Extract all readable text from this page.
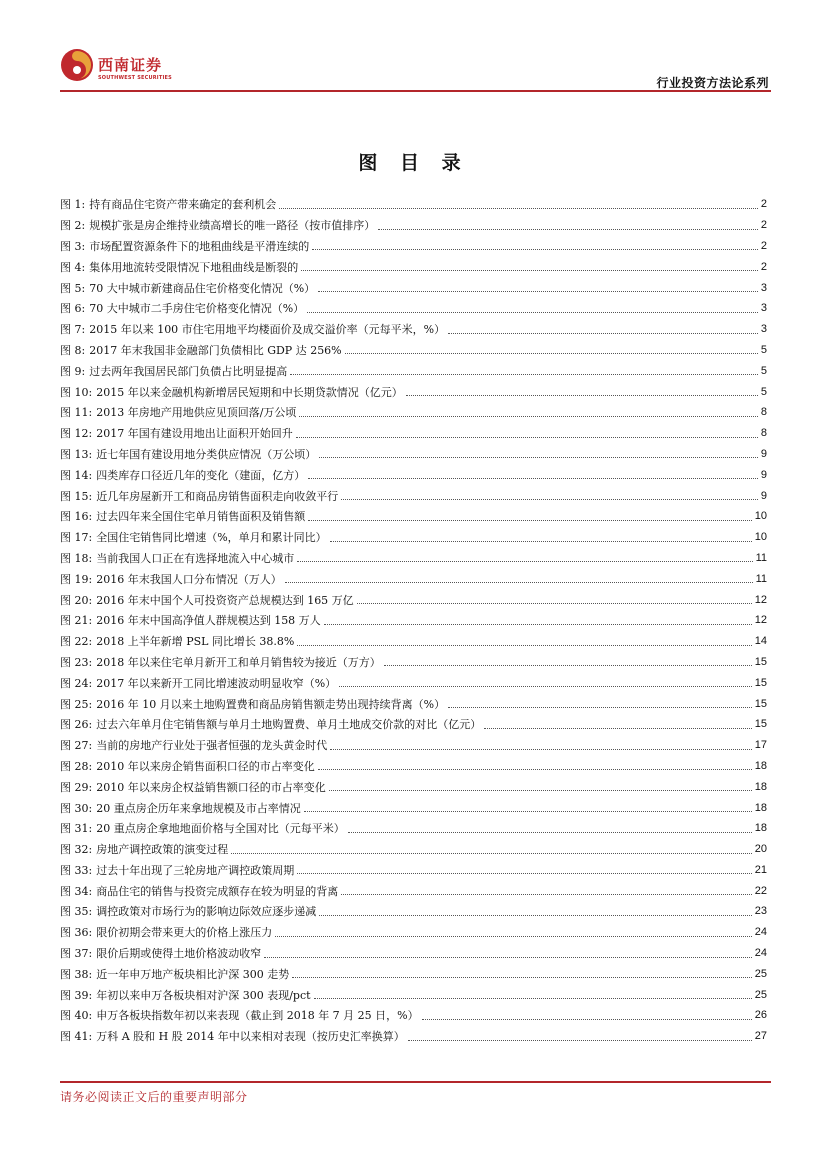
西南证券
SOUTHWEST SECURITIES	行业投资方法论系列
图 目 录
图 1: 持有商品住宅资产带来确定的套利机会	2
图 2: 规模扩张是房企维持业绩高增长的唯一路径（按市值排序）	2
图 3: 市场配置资源条件下的地租曲线是平滑连续的	2
图 4: 集体用地流转受限情况下地租曲线是断裂的	2
图 5: 70 大中城市新建商品住宅价格变化情况（%）	3
图 6: 70 大中城市二手房住宅价格变化情况（%）	3
图 7: 2015 年以来 100 市住宅用地平均楼面价及成交溢价率（元每平米，%）	3
图 8: 2017 年末我国非金融部门负债相比 GDP 达 256%	5
图 9: 过去两年我国居民部门负债占比明显提高	5
图 10: 2015 年以来金融机构新增居民短期和中长期贷款情况（亿元）	5
图 11: 2013 年房地产用地供应见顶回落/万公顷	8
图 12: 2017 年国有建设用地出让面积开始回升	8
图 13: 近七年国有建设用地分类供应情况（万公顷）	9
图 14: 四类库存口径近几年的变化（建面，亿方）	9
图 15: 近几年房屋新开工和商品房销售面积走向收敛平行	9
图 16: 过去四年来全国住宅单月销售面积及销售额	10
图 17: 全国住宅销售同比增速（%，单月和累计同比）	10
图 18: 当前我国人口正在有选择地流入中心城市	11
图 19: 2016 年末我国人口分布情况（万人）	11
图 20: 2016 年末中国个人可投资资产总规模达到 165 万亿	12
图 21: 2016 年末中国高净值人群规模达到 158 万人	12
图 22: 2018 上半年新增 PSL 同比增长 38.8%	14
图 23: 2018 年以来住宅单月新开工和单月销售较为接近（万方）	15
图 24: 2017 年以来新开工同比增速波动明显收窄（%）	15
图 25: 2016 年 10 月以来土地购置费和商品房销售额走势出现持续背离（%）	15
图 26: 过去六年单月住宅销售额与单月土地购置费、单月土地成交价款的对比（亿元）	15
图 27: 当前的房地产行业处于强者恒强的龙头黄金时代	17
图 28: 2010 年以来房企销售面积口径的市占率变化	18
图 29: 2010 年以来房企权益销售额口径的市占率变化	18
图 30: 20 重点房企历年来拿地规模及市占率情况	18
图 31: 20 重点房企拿地地面价格与全国对比（元每平米）	18
图 32: 房地产调控政策的演变过程	20
图 33: 过去十年出现了三轮房地产调控政策周期	21
图 34: 商品住宅的销售与投资完成额存在较为明显的背离	22
图 35: 调控政策对市场行为的影响边际效应逐步递减	23
图 36: 限价初期会带来更大的价格上涨压力	24
图 37: 限价后期或使得土地价格波动收窄	24
图 38: 近一年申万地产板块相比沪深 300 走势	25
图 39: 年初以来申万各板块相对沪深 300 表现/pct	25
图 40: 申万各板块指数年初以来表现（截止到 2018 年 7 月 25 日，%）	26
图 41: 万科 A 股和 H 股 2014 年中以来相对表现（按历史汇率换算）	27
请务必阅读正文后的重要声明部分
